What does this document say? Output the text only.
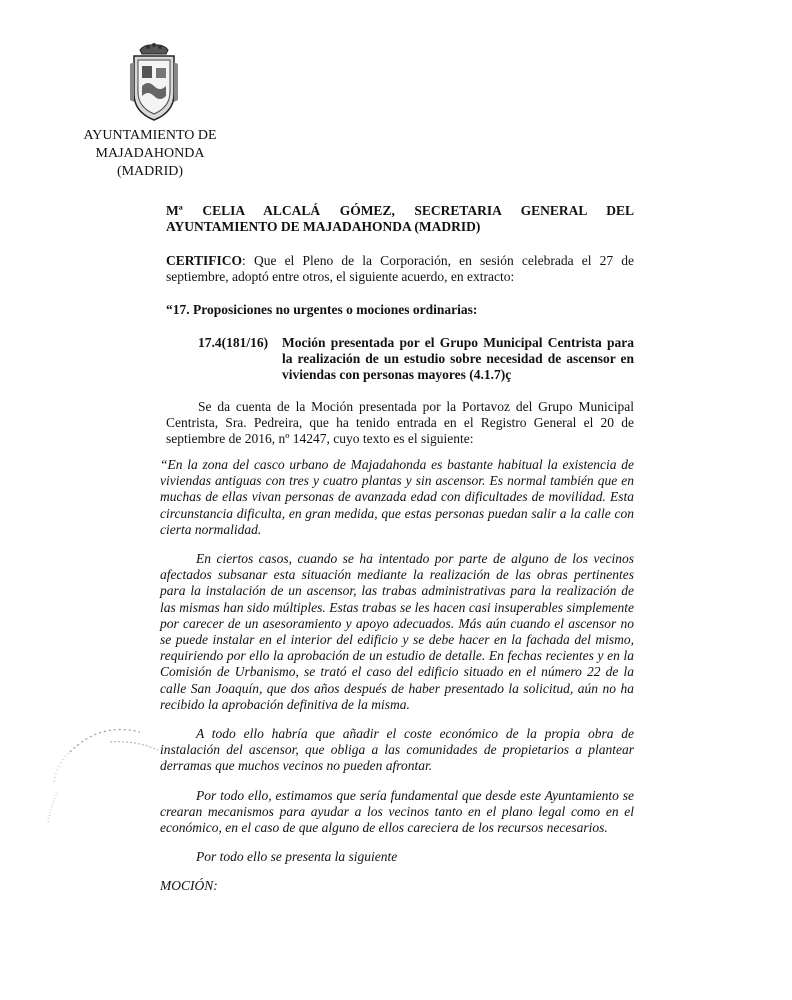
AYUNTAMIENTO DE
MAJADAHONDA
(MADRID)

Mª CELIA ALCALÁ GÓMEZ, SECRETARIA GENERAL DEL AYUNTAMIENTO DE MAJADAHONDA (MADRID)

CERTIFICO: Que el Pleno de la Corporación, en sesión celebrada el 27 de septiembre, adoptó entre otros, el siguiente acuerdo, en extracto:

“17. Proposiciones no urgentes o mociones ordinarias:
17.4(181/16)	Moción presentada por el Grupo Municipal Centrista para la realización de un estudio sobre necesidad de ascensor en viviendas con personas mayores (4.1.7)ç

Se da cuenta de la Moción presentada por la Portavoz del Grupo Municipal Centrista, Sra. Pedreira, que ha tenido entrada en el Registro General el 20 de septiembre de 2016, nº 14247, cuyo texto es el siguiente:

“En la zona del casco urbano de Majadahonda es bastante habitual la existencia de viviendas antiguas con tres y cuatro plantas y sin ascensor. Es normal también que en muchas de ellas vivan personas de avanzada edad con dificultades de movilidad. Esta circunstancia dificulta, en gran medida, que estas personas puedan salir a la calle con cierta normalidad.

En ciertos casos, cuando se ha intentado por parte de alguno de los vecinos afectados subsanar esta situación mediante la realización de las obras pertinentes para la instalación de un ascensor, las trabas administrativas para la realización de las mismas han sido múltiples. Estas trabas se les hacen casi insuperables simplemente por carecer de un asesoramiento y apoyo adecuados. Más aún cuando el ascensor no se puede instalar en el interior del edificio y se debe hacer en la fachada del mismo, requiriendo por ello la aprobación de un estudio de detalle. En fechas recientes y en la Comisión de Urbanismo, se trató el caso del edificio situado en el número 22 de la calle San Joaquín, que dos años después de haber presentado la solicitud, aún no ha recibido la aprobación definitiva de la misma.

A todo ello habría que añadir el coste económico de la propia obra de instalación del ascensor, que obliga a las comunidades de propietarios a plantear derramas que muchos vecinos no pueden afrontar.

Por todo ello, estimamos que sería fundamental que desde este Ayuntamiento se crearan mecanismos para ayudar a los vecinos tanto en el plano legal como en el económico, en el caso de que alguno de ellos careciera de los recursos necesarios.

Por todo ello se presenta la siguiente

MOCIÓN:
